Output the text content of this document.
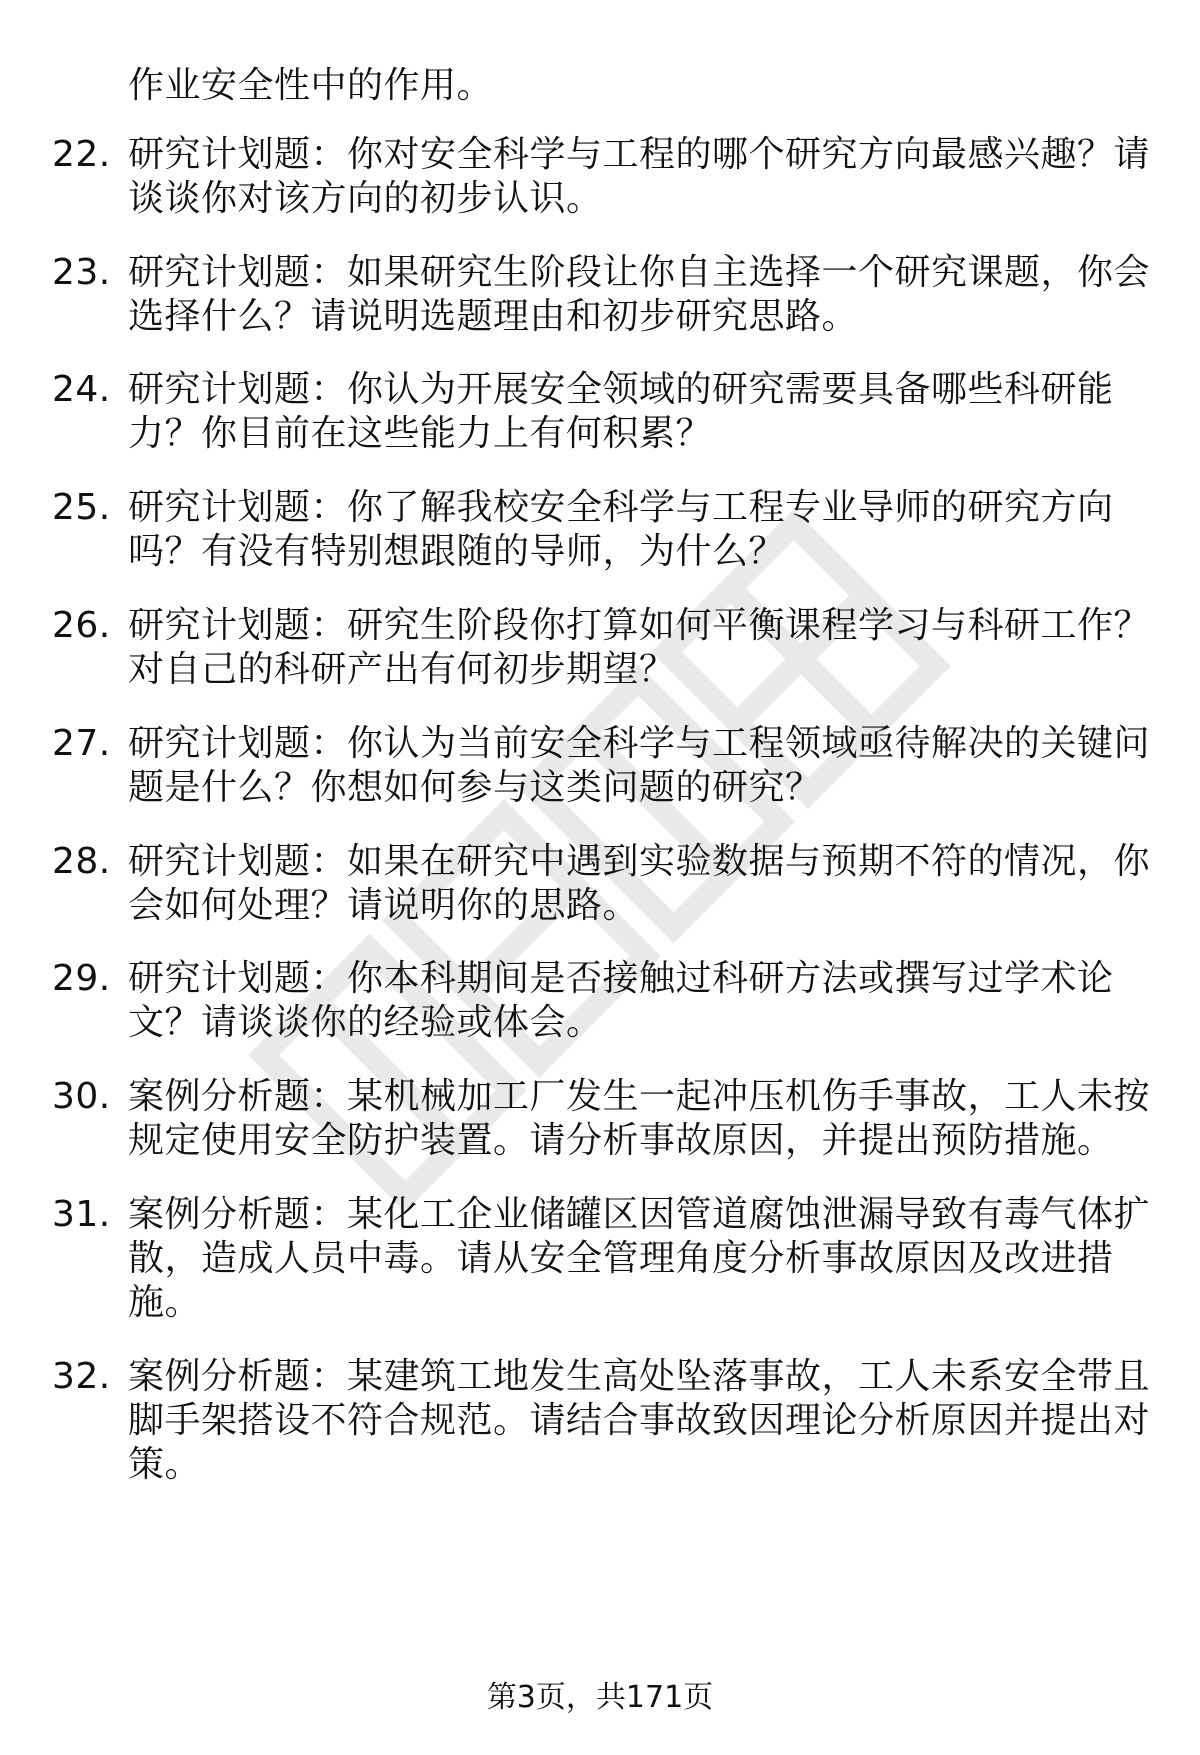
作业安全性中的作用。
22. 研究计划题：你对安全科学与工程的哪个研究方向最感兴趣？请
谈谈你对该方向的初步认识。
23. 研究计划题：如果研究生阶段让你自主选择一个研究课题，你会
选择什么？请说明选题理由和初步研究思路。
24. 研究计划题：你认为开展安全领域的研究需要具备哪些科研能
力？你目前在这些能力上有何积累？
25. 研究计划题：你了解我校安全科学与工程专业导师的研究方向
吗？有没有特别想跟随的导师，为什么？
26. 研究计划题：研究生阶段你打算如何平衡课程学习与科研工作？
对自己的科研产出有何初步期望？
27. 研究计划题：你认为当前安全科学与工程领域亟待解决的关键问
题是什么？你想如何参与这类问题的研究？
28. 研究计划题：如果在研究中遇到实验数据与预期不符的情况，你
会如何处理？请说明你的思路。
29. 研究计划题：你本科期间是否接触过科研方法或撰写过学术论
文？请谈谈你的经验或体会。
30. 案例分析题：某机械加工厂发生一起冲压机伤手事故，工人未按
规定使用安全防护装置。请分析事故原因，并提出预防措施。
31. 案例分析题：某化工企业储罐区因管道腐蚀泄漏导致有毒气体扩
散，造成人员中毒。请从安全管理角度分析事故原因及改进措
施。
32. 案例分析题：某建筑工地发生高处坠落事故，工人未系安全带且
脚手架搭设不符合规范。请结合事故致因理论分析原因并提出对
策。
第3页，共171页
